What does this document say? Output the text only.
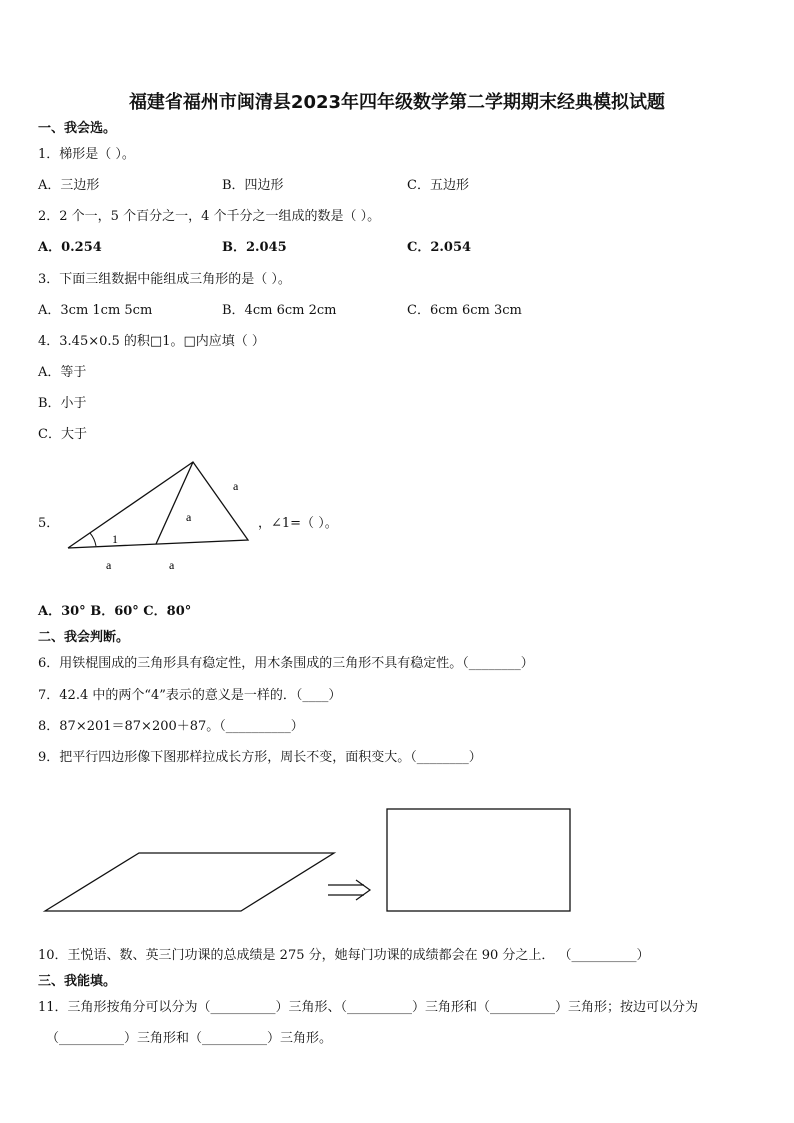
福建省福州市闽清县2023年四年级数学第二学期期末经典模拟试题
一、我会选。
1．梯形是（ ）。
A．三边形	B．四边形	C．五边形
2．2 个一，5 个百分之一，4 个千分之一组成的数是（ ）。
A．0.254	B．2.045	C．2.054
3．下面三组数据中能组成三角形的是（ ）。
A．3cm 1cm 5cm	B．4cm 6cm 2cm	C．6cm 6cm 3cm
4．3.45×0.5 的积□1。□内应填（ ）
A．等于
B．小于
C．大于
5．
1
a
a
a	a
，∠1=（ ）。
A．30° B．60° C．80°
二、我会判断。
6．用铁棍围成的三角形具有稳定性，用木条围成的三角形不具有稳定性。（________）
7．42.4 中的两个“4”表示的意义是一样的．（____）
8．87×201＝87×200＋87。（__________）
9．把平行四边形像下图那样拉成长方形，周长不变，面积变大。（________）
10．王悦语、数、英三门功课的总成绩是 275 分，她每门功课的成绩都会在 90 分之上． （__________）
三、我能填。
11．三角形按角分可以分为（__________）三角形、（__________）三角形和（__________）三角形；按边可以分为
（__________）三角形和（__________）三角形。
